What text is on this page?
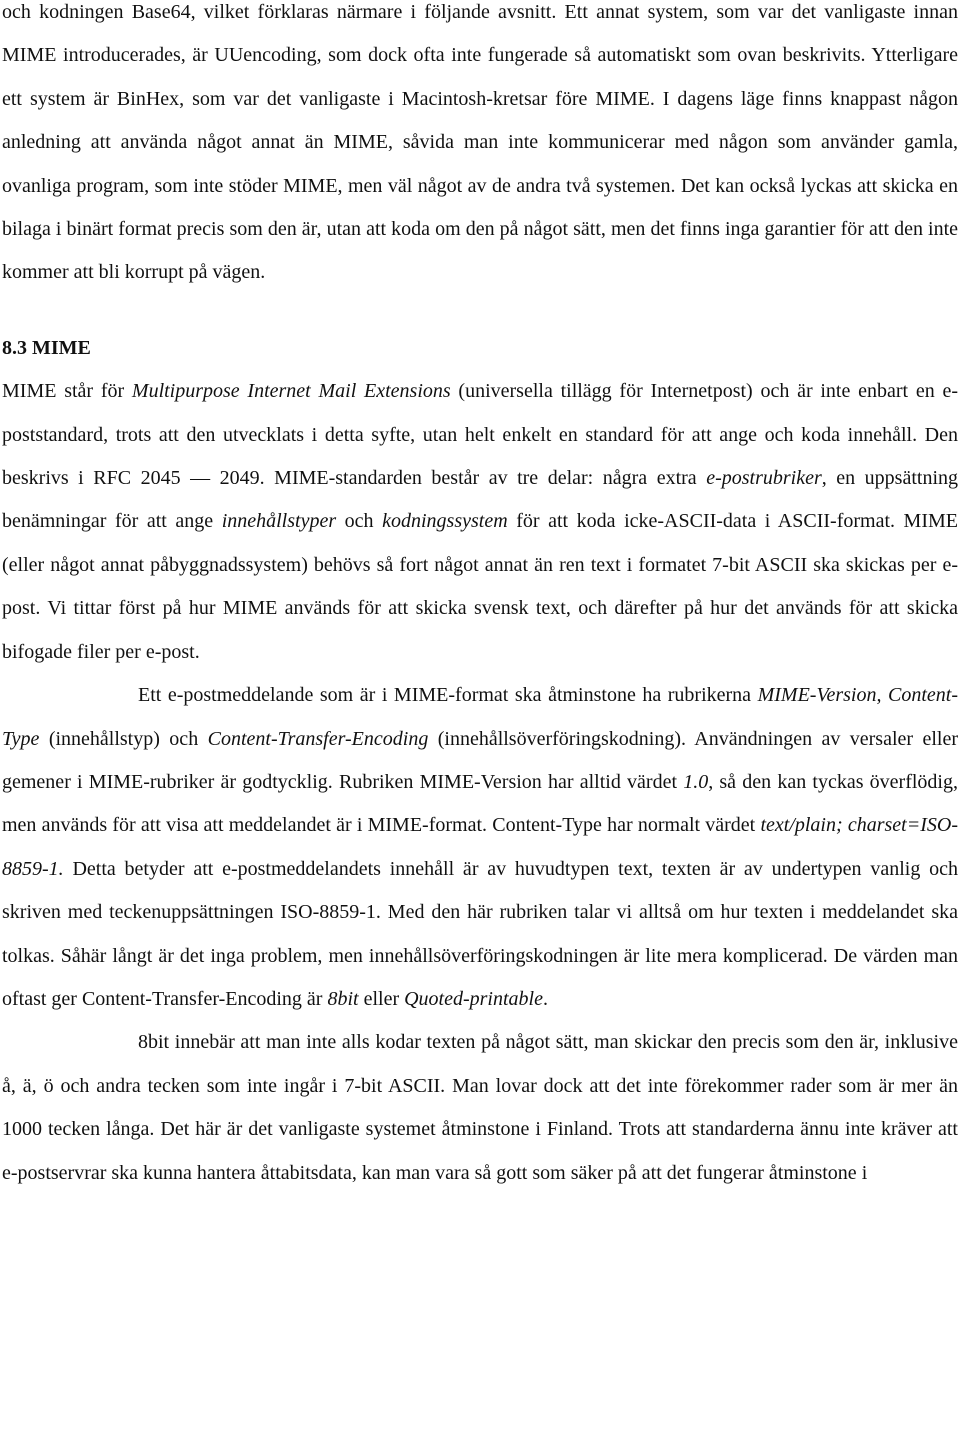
och kodningen Base64, vilket förklaras närmare i följande avsnitt. Ett annat system, som var det vanligaste innan MIME introducerades, är UUencoding, som dock ofta inte fungerade så automatiskt som ovan beskrivits. Ytterligare ett system är BinHex, som var det vanligaste i Macintosh-kretsar före MIME. I dagens läge finns knappast någon anledning att använda något annat än MIME, såvida man inte kommunicerar med någon som använder gamla, ovanliga program, som inte stöder MIME, men väl något av de andra två systemen. Det kan också lyckas att skicka en bilaga i binärt format precis som den är, utan att koda om den på något sätt, men det finns inga garantier för att den inte kommer att bli korrupt på vägen.

8.3 MIME

MIME står för Multipurpose Internet Mail Extensions (universella tillägg för Internetpost) och är inte enbart en e-poststandard, trots att den utvecklats i detta syfte, utan helt enkelt en standard för att ange och koda innehåll. Den beskrivs i RFC 2045 — 2049. MIME-standarden består av tre delar: några extra e-postrubriker, en uppsättning benämningar för att ange innehållstyper och kodningssystem för att koda icke-ASCII-data i ASCII-format. MIME (eller något annat påbyggnadssystem) behövs så fort något annat än ren text i formatet 7-bit ASCII ska skickas per e-post. Vi tittar först på hur MIME används för att skicka svensk text, och därefter på hur det används för att skicka bifogade filer per e-post.

Ett e-postmeddelande som är i MIME-format ska åtminstone ha rubrikerna MIME-Version, Content-Type (innehållstyp) och Content-Transfer-Encoding (innehållsöverföringskodning). Användningen av versaler eller gemener i MIME-rubriker är godtycklig. Rubriken MIME-Version har alltid värdet 1.0, så den kan tyckas överflödig, men används för att visa att meddelandet är i MIME-format. Content-Type har normalt värdet text/plain; charset=ISO-8859-1. Detta betyder att e-postmeddelandets innehåll är av huvudtypen text, texten är av undertypen vanlig och skriven med teckenuppsättningen ISO-8859-1. Med den här rubriken talar vi alltså om hur texten i meddelandet ska tolkas. Såhär långt är det inga problem, men innehållsöverföringskodningen är lite mera komplicerad. De värden man oftast ger Content-Transfer-Encoding är 8bit eller Quoted-printable.

8bit innebär att man inte alls kodar texten på något sätt, man skickar den precis som den är, inklusive å, ä, ö och andra tecken som inte ingår i 7-bit ASCII. Man lovar dock att det inte förekommer rader som är mer än 1000 tecken långa. Det här är det vanligaste systemet åtminstone i Finland. Trots att standarderna ännu inte kräver att e-postservrar ska kunna hantera åttabitsdata, kan man vara så gott som säker på att det fungerar åtminstone i
